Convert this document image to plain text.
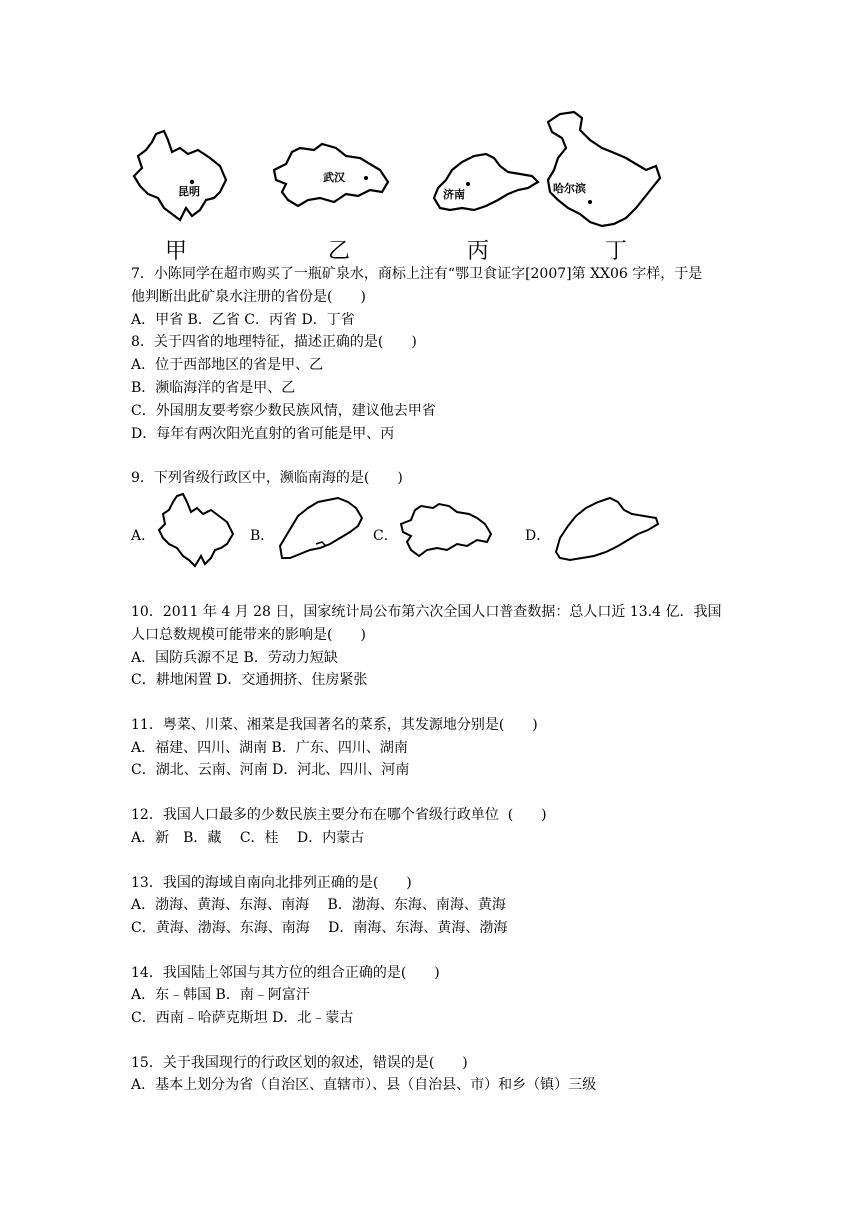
昆明
武汉
济南	哈尔滨
甲	乙	丙	丁
7．小陈同学在超市购买了一瓶矿泉水，商标上注有“鄂卫食证字[2007]第 XX06 字样，于是
他判断出此矿泉水注册的省份是(　　)
A．甲省 B．乙省 C．丙省 D．丁省
8．关于四省的地理特征，描述正确的是(　　)
A．位于西部地区的省是甲、乙
B．濒临海洋的省是甲、乙
C．外国朋友要考察少数民族风情，建议他去甲省
D．每年有两次阳光直射的省可能是甲、丙
9．下列省级行政区中，濒临南海的是(　　)
A．	B．	C．	D．
10．2011 年 4 月 28 日，国家统计局公布第六次全国人口普查数据：总人口近 13.4 亿．我国
人口总数规模可能带来的影响是(　　)
A．国防兵源不足 B．劳动力短缺
C．耕地闲置 D．交通拥挤、住房紧张
11．粤菜、川菜、湘菜是我国著名的菜系，其发源地分别是(　　)
A．福建、四川、湖南 B．广东、四川、湖南
C．湖北、云南、河南 D．河北、四川、河南
12．我国人口最多的少数民族主要分布在哪个省级行政单位  (　　)
A．新　B．藏　 C．桂　 D．内蒙古
13．我国的海域自南向北排列正确的是(　　)
A．渤海、黄海、东海、南海　 B．渤海、东海、南海、黄海
C．黄海、渤海、东海、南海　 D．南海、东海、黄海、渤海
14．我国陆上邻国与其方位的组合正确的是(　　)
A．东﹣韩国 B．南﹣阿富汗
C．西南﹣哈萨克斯坦 D．北﹣蒙古
15．关于我国现行的行政区划的叙述，错误的是(　　)
A．基本上划分为省（自治区、直辖市）、县（自治县、市）和乡（镇）三级
